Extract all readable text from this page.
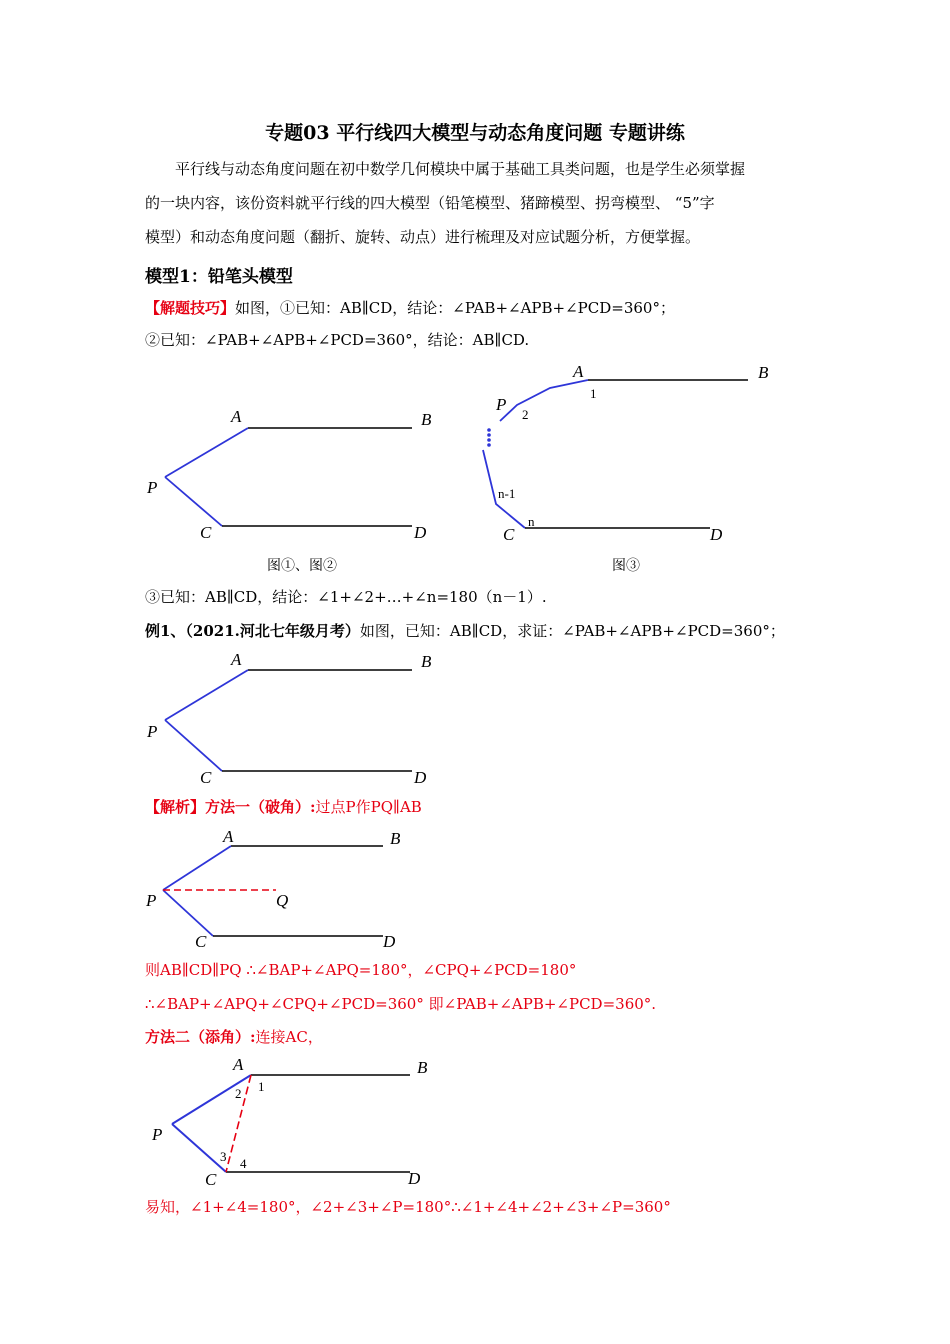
专题03 平行线四大模型与动态角度问题 专题讲练
平行线与动态角度问题在初中数学几何模块中属于基础工具类问题，也是学生必须掌握
的一块内容，该份资料就平行线的四大模型（铅笔模型、猪蹄模型、拐弯模型、 “5”字
模型）和动态角度问题（翻折、旋转、动点）进行梳理及对应试题分析，方便掌握。
模型1：铅笔头模型
【解题技巧】如图，①已知：AB∥CD，结论：∠PAB+∠APB+∠PCD=360°；
②已知：∠PAB+∠APB+∠PCD=360°，结论：AB∥CD.
A	B
P
C	D
图①、图②
A	B
P
C	D
1
2
n-1
n
图③
③已知：AB∥CD，结论：∠1+∠2+…+∠n=180（n－1）.
例1、（2021.河北七年级月考）如图，已知：AB∥CD，求证：∠PAB+∠APB+∠PCD=360°；
A	B
P
C	D
【解析】方法一（破角）:过点P作PQ∥AB
A	B
P	Q
C	D
则AB∥CD∥PQ ∴∠BAP+∠APQ=180°，∠CPQ+∠PCD=180°
∴∠BAP+∠APQ+∠CPQ+∠PCD=360° 即∠PAB+∠APB+∠PCD=360°.
方法二（添角）:连接AC，
A	B
P
C	D
1
2
3 4
易知，∠1+∠4=180°，∠2+∠3+∠P=180°∴∠1+∠4+∠2+∠3+∠P=360°
